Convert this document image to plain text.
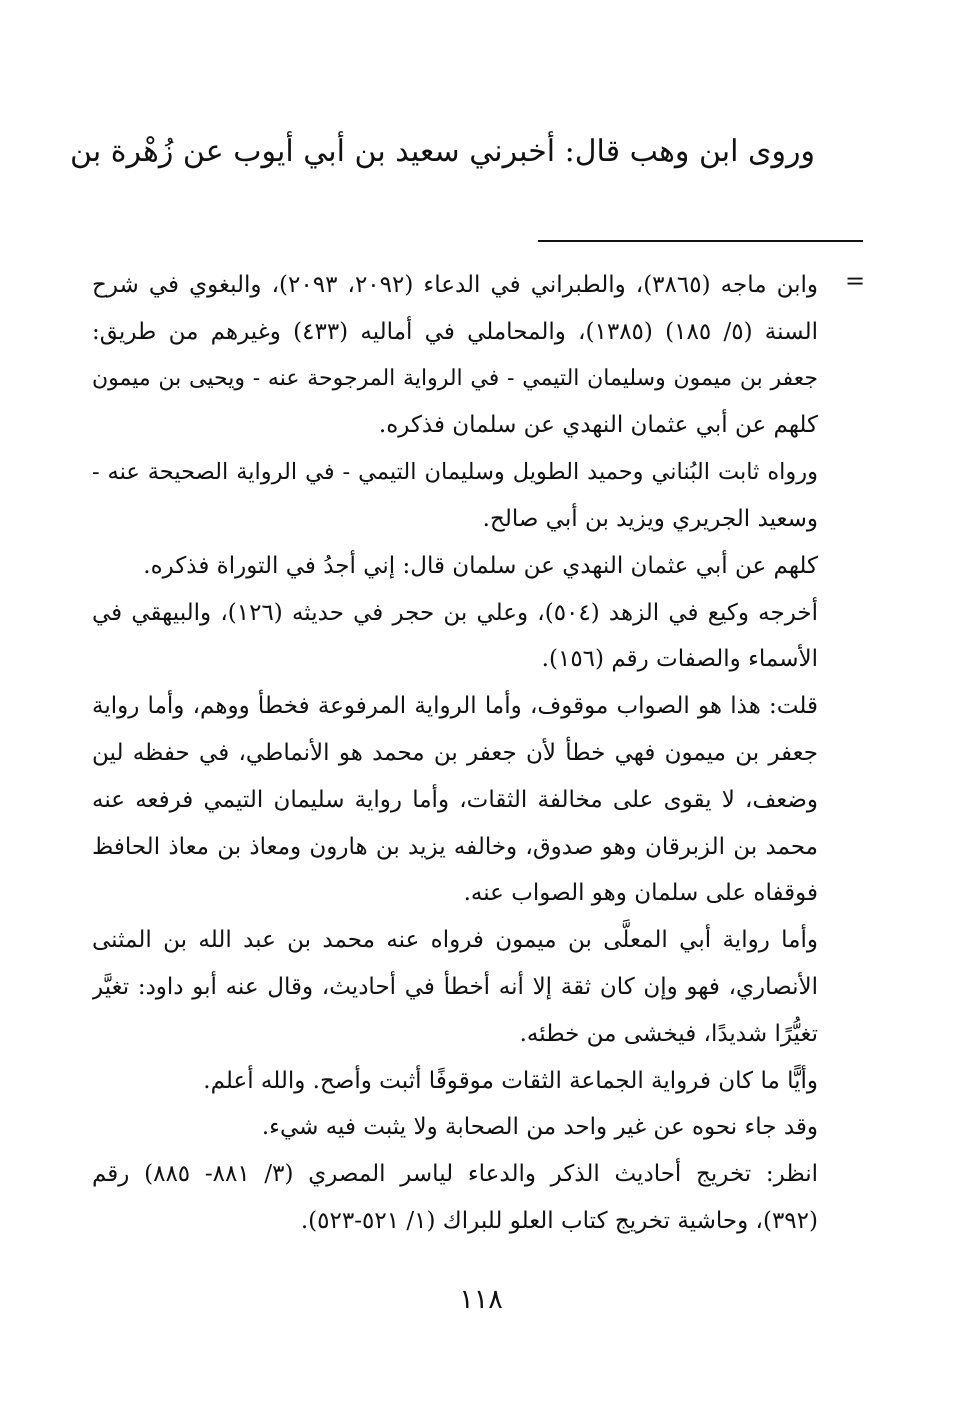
وروى ابن وهب قال: أخبرني سعيد بن أبي أيوب عن زُهْرة بن
=
وابن ماجه (٣٨٦٥)، والطبراني في الدعاء (٢٠٩٢، ٢٠٩٣)، والبغوي في شرح
السنة (٥/ ١٨٥) (١٣٨٥)، والمحاملي في أماليه (٤٣٣) وغيرهم من طريق:
جعفر بن ميمون وسليمان التيمي - في الرواية المرجوحة عنه - ويحيى بن ميمون
كلهم عن أبي عثمان النهدي عن سلمان فذكره.
ورواه ثابت البُناني وحميد الطويل وسليمان التيمي - في الرواية الصحيحة عنه -
وسعيد الجريري ويزيد بن أبي صالح.
كلهم عن أبي عثمان النهدي عن سلمان قال: إني أجدُ في التوراة فذكره.
أخرجه وكيع في الزهد (٥٠٤)، وعلي بن حجر في حديثه (١٢٦)، والبيهقي في
الأسماء والصفات رقم (١٥٦).
قلت: هذا هو الصواب موقوف، وأما الرواية المرفوعة فخطأ ووهم، وأما رواية
جعفر بن ميمون فهي خطأ لأن جعفر بن محمد هو الأنماطي، في حفظه لين
وضعف، لا يقوى على مخالفة الثقات، وأما رواية سليمان التيمي فرفعه عنه
محمد بن الزبرقان وهو صدوق، وخالفه يزيد بن هارون ومعاذ بن معاذ الحافظ
فوقفاه على سلمان وهو الصواب عنه.
وأما رواية أبي المعلَّى بن ميمون فرواه عنه محمد بن عبد الله بن المثنى
الأنصاري، فهو وإن كان ثقة إلا أنه أخطأ في أحاديث، وقال عنه أبو داود: تغيَّر
تغيُّرًا شديدًا، فيخشى من خطئه.
وأيًّا ما كان فرواية الجماعة الثقات موقوفًا أثبت وأصح. والله أعلم.
وقد جاء نحوه عن غير واحد من الصحابة ولا يثبت فيه شيء.
انظر: تخريج أحاديث الذكر والدعاء لياسر المصري (٣/ ٨٨١- ٨٨٥) رقم
(٣٩٢)، وحاشية تخريج كتاب العلو للبراك (١/ ٥٢١-٥٢٣).
١١٨
